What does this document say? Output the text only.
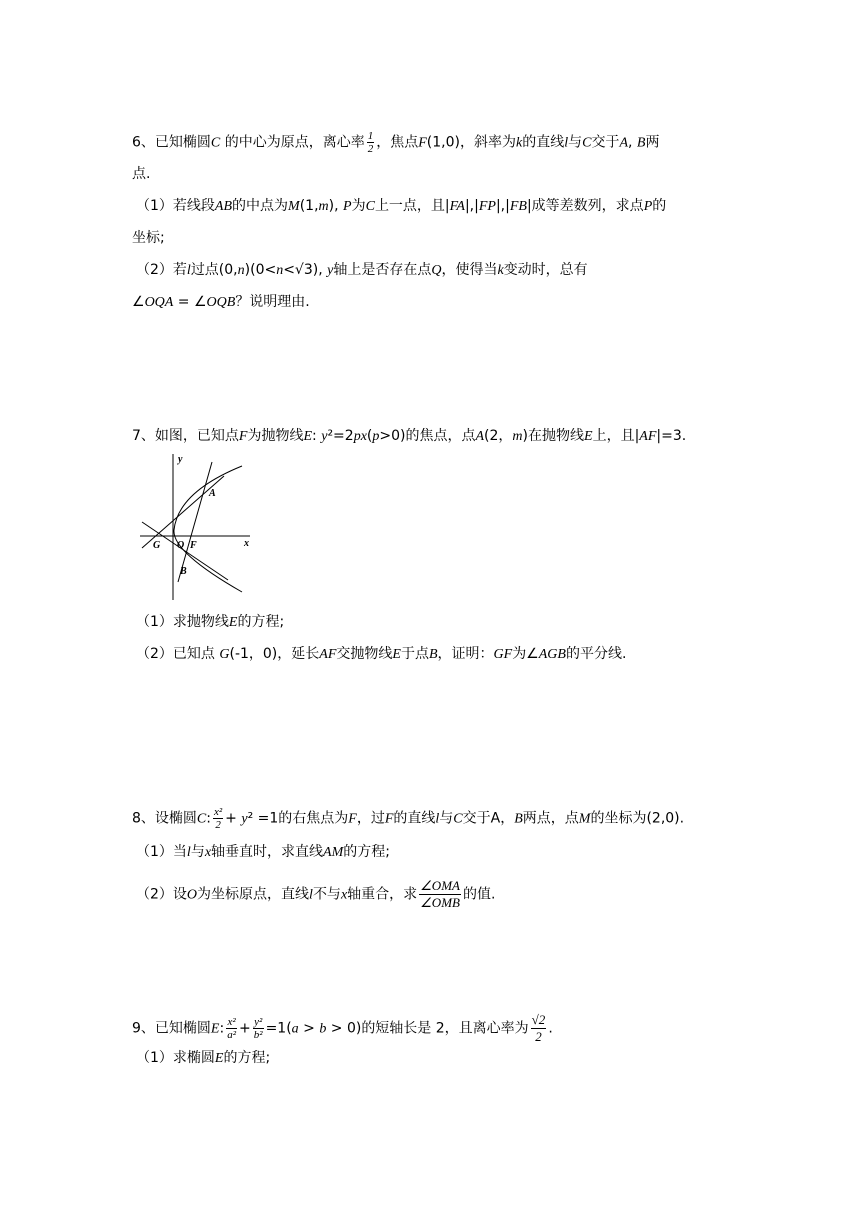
6、已知椭圆C 的中心为原点，离心率 $\frac{1}{2}$ ，焦点F(1,0)，斜率为k的直线l与C交于A, B两
点.
（1）若线段AB的中点为M(1,m), P为C上一点，且|FA|,|FP|,|FB|成等差数列，求点P的
坐标;
（2）若l过点(0,n)(0<n<√3), y轴上是否存在点Q，使得当k变动时，总有
∠OQA = ∠OQB？说明理由.
7、如图，已知点F为抛物线E: y²=2px(p>0)的焦点，点A(2，m)在抛物线E上，且|AF|=3.
y
x
A
G O F
B
（1）求抛物线E的方程;
（2）已知点 G(-1，0)，延长AF交抛物线E于点B，证明：GF为∠AGB的平分线.
8、设椭圆C: $\frac{\text{x²}}{2} + y^2 =1$的右焦点为F，过F的直线l与C交于A，B两点，点M的坐标为(2,0).
（1）当l与x轴垂直时，求直线AM的方程;
（2）设O为坐标原点，直线l不与x轴重合，求 $\frac{\text{∠OMA}}{\text{∠OMB}}$ 的值.
9、已知椭圆E: $\frac{\text{x²}}{\text{a²}} + \frac{\text{y²}}{\text{b²}} =1(a > b > 0)$的短轴长是 2，且离心率为 $\frac{√2}{2}$ .
（1）求椭圆E的方程;
